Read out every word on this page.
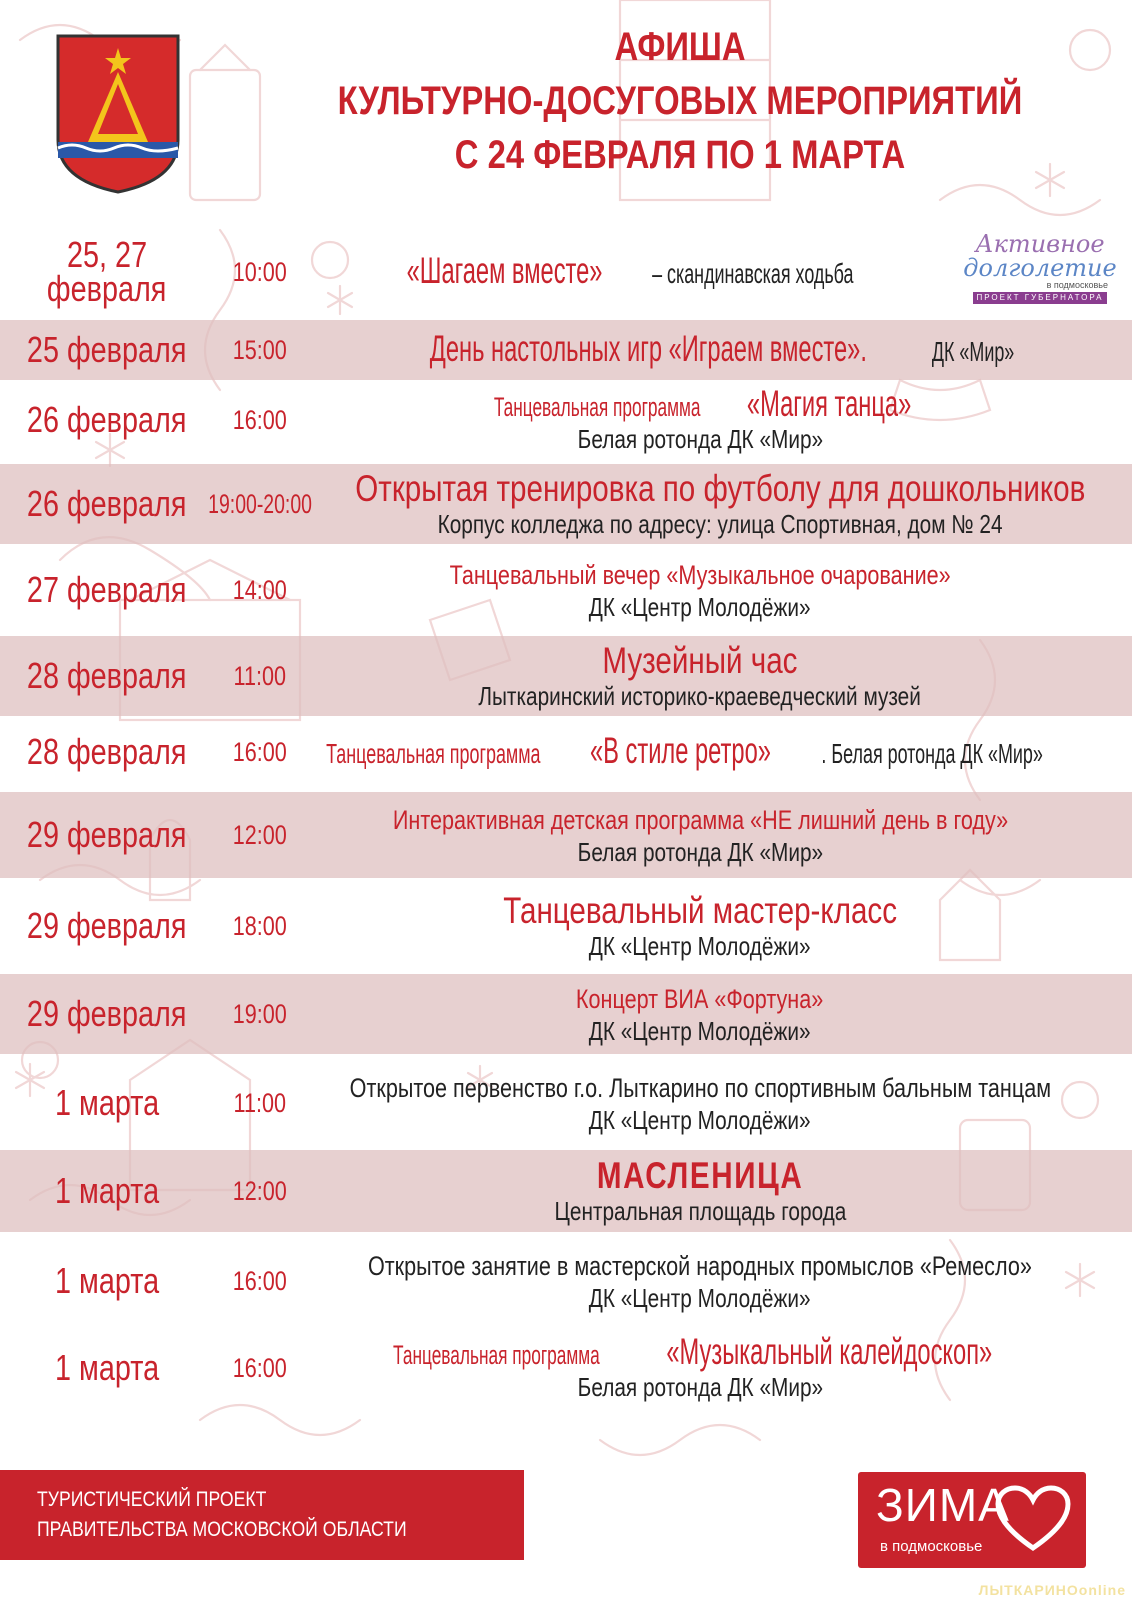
АФИША
КУЛЬТУРНО-ДОСУГОВЫХ МЕРОПРИЯТИЙ
С 24 ФЕВРАЛЯ ПО 1 МАРТА
Активное
долголетие
в подмосковье
ПРОЕКТ ГУБЕРНАТОРА
25, 27
февраля 10:00	«Шагаем вместе»– скандинавская ходьба
25 февраля 15:00	День настольных игр «Играем вместе».ДК «Мир»
26 февраля 16:00	Танцевальная программа«Магия танца»
Белая ротонда ДК «Мир»
26 февраля 19:00-20:00 Открытая тренировка по футболу для дошкольников
Корпус колледжа по адресу: улица Спортивная, дом № 24
27 февраля 14:00	Танцевальный вечер «Музыкальное очарование»
ДК «Центр Молодёжи»
28 февраля 11:00	Музейный час
Лыткаринский историко-краеведческий музей
28 февраля 16:00	Танцевальная программа«В стиле ретро» . Белая ротонда ДК «Мир»
29 февраля 12:00	Интерактивная детская программа «НЕ лишний день в году»
Белая ротонда ДК «Мир»
29 февраля 18:00	Танцевальный мастер-класс
ДК «Центр Молодёжи»
29 февраля 19:00	Концерт ВИА «Фортуна»
ДК «Центр Молодёжи»
1 марта	11:00 Открытое первенство г.о. Лыткарино по спортивным бальным танцам
ДК «Центр Молодёжи»
1 марта	12:00	МАСЛЕНИЦА
Центральная площадь города
1 марта	16:00	Открытое занятие в мастерской народных промыслов «Ремесло»
ДК «Центр Молодёжи»
1 марта	16:00	Танцевальная программа«Музыкальный калейдоскоп»
Белая ротонда ДК «Мир»
ТУРИСТИЧЕСКИЙ ПРОЕКТ
ПРАВИТЕЛЬСТВА МОСКОВСКОЙ ОБЛАСТИ	ЗИМА
в подмосковье
ЛЫТКАРИНОonline
